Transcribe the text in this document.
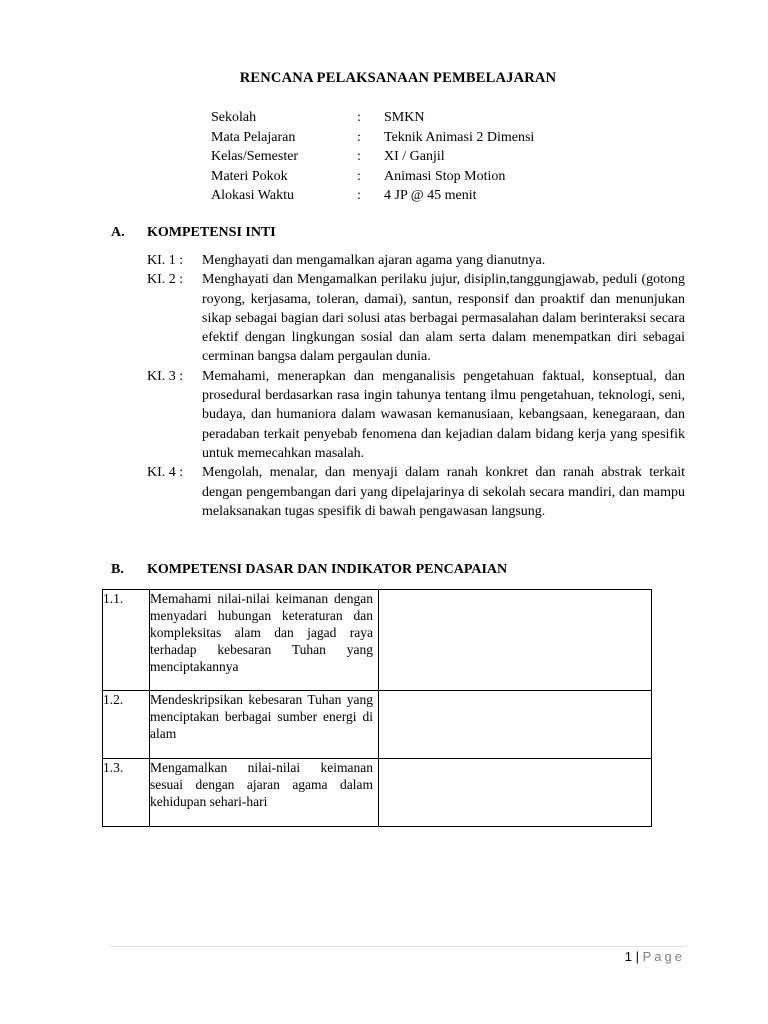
RENCANA PELAKSANAAN PEMBELAJARAN
Sekolah	:	SMKN
Mata Pelajaran	:	Teknik Animasi 2 Dimensi
Kelas/Semester	:	XI / Ganjil
Materi Pokok	:	Animasi Stop Motion
Alokasi Waktu	:	4 JP @ 45 menit
A.	KOMPETENSI INTI
KI. 1 :	Menghayati dan mengamalkan ajaran agama yang dianutnya.
KI. 2 :	Menghayati dan Mengamalkan perilaku jujur, disiplin,tanggungjawab, peduli (gotong royong, kerjasama, toleran, damai), santun, responsif dan proaktif dan menunjukan sikap sebagai bagian dari solusi atas berbagai permasalahan dalam berinteraksi secara efektif dengan lingkungan sosial dan alam serta dalam menempatkan diri sebagai cerminan bangsa dalam pergaulan dunia.
KI. 3 :	Memahami, menerapkan dan menganalisis pengetahuan faktual, konseptual, dan prosedural berdasarkan rasa ingin tahunya tentang ilmu pengetahuan, teknologi, seni, budaya, dan humaniora dalam wawasan kemanusiaan, kebangsaan, kenegaraan, dan peradaban terkait penyebab fenomena dan kejadian dalam bidang kerja yang spesifik untuk memecahkan masalah.
KI. 4 :	Mengolah, menalar, dan menyaji dalam ranah konkret dan ranah abstrak terkait dengan pengembangan dari yang dipelajarinya di sekolah secara mandiri, dan mampu melaksanakan tugas spesifik di bawah pengawasan langsung.
B.	KOMPETENSI DASAR DAN INDIKATOR PENCAPAIAN
1.1.	Memahami nilai-nilai keimanan dengan menyadari hubungan keteraturan dan kompleksitas alam dan jagad raya terhadap kebesaran Tuhan yang menciptakannya	

1.2.	Mendeskripsikan kebesaran Tuhan yang menciptakan berbagai sumber energi di alam	

1.3.	Mengamalkan nilai-nilai keimanan sesuai dengan ajaran agama dalam kehidupan sehari-hari	

1 | Page
